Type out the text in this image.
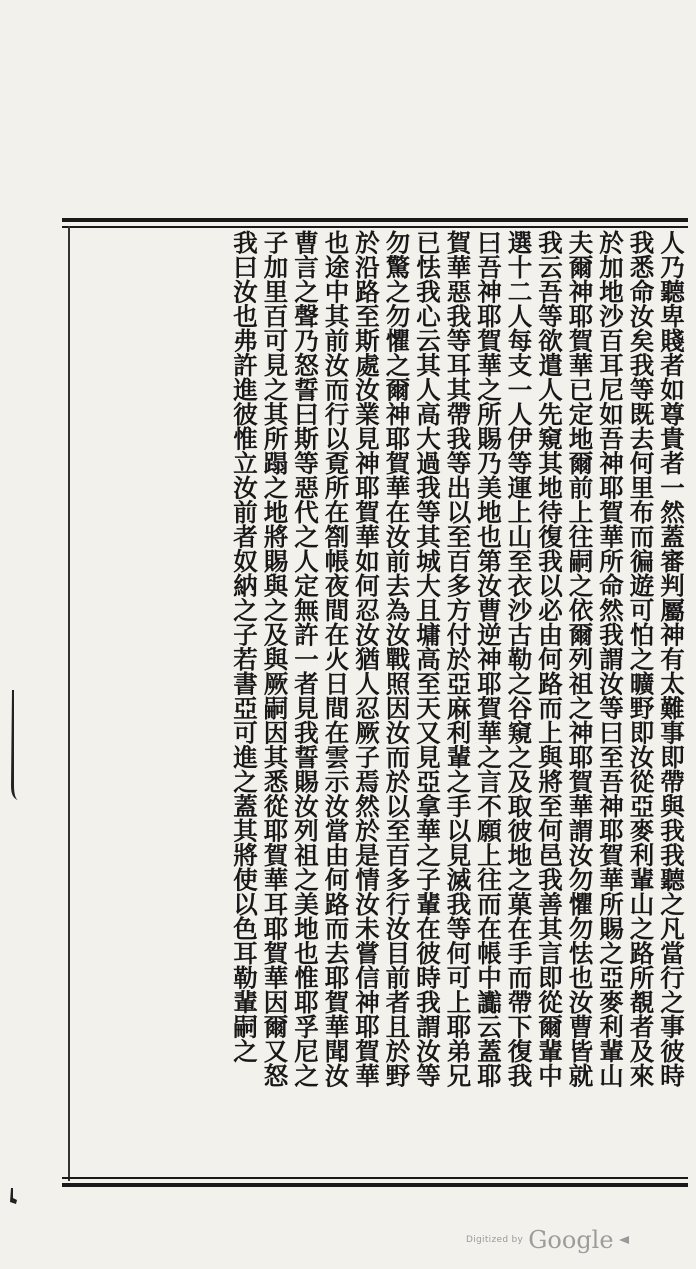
人乃聽卑賤者如尊貴者一然蓋審判屬神有太難事即帶與我我聽之凡當行之事彼時
我悉命汝矣我等既去何里布而徧遊可怕之曠野即汝從亞麥利輩山之路所覩者及來
於加地沙百耳尼如吾神耶賀華所命然我謂汝等曰至吾神耶賀華所賜之亞麥利輩山
夫爾神耶賀華已定地爾前上往嗣之依爾列祖之神耶賀華謂汝勿懼勿怯也汝曹皆就
我云吾等欲遣人先窺其地待復我以必由何路而上與將至何邑我善其言即從爾輩中
選十二人每支一人伊等運上山至衣沙古勒之谷窺之及取彼地之菓在手而帶下復我
曰吾神耶賀華之所賜乃美地也第汝曹逆神耶賀華之言不願上往而在帳中讟云蓋耶
賀華惡我等耳其帶我等出以至百多方付於亞麻利輩之手以見滅我等何可上耶弟兄
已怯我心云其人高大過我等其城大且墉高至天又見亞拿華之子輩在彼時我謂汝等
勿驚之勿懼之爾神耶賀華在汝前去為汝戰照因汝而於以至百多行汝目前者且於野
於沿路至斯處汝業見神耶賀華如何忍汝猶人忍厥子焉然於是情汝未嘗信神耶賀華
也途中其前汝而行以覔所在劄帳夜間在火日間在雲示汝當由何路而去耶賀華聞汝
曹言之聲乃怒誓曰斯等惡代之人定無許一者見我誓賜汝列祖之美地也惟耶孚尼之
子加里百可見之其所蹋之地將賜與之及與厥嗣因其悉從耶賀華耳耶賀華因爾又怒
我曰汝也弗許進彼惟立汝前者奴納之子若書亞可進之蓋其將使以色耳勒輩嗣之
Digitized by Google
